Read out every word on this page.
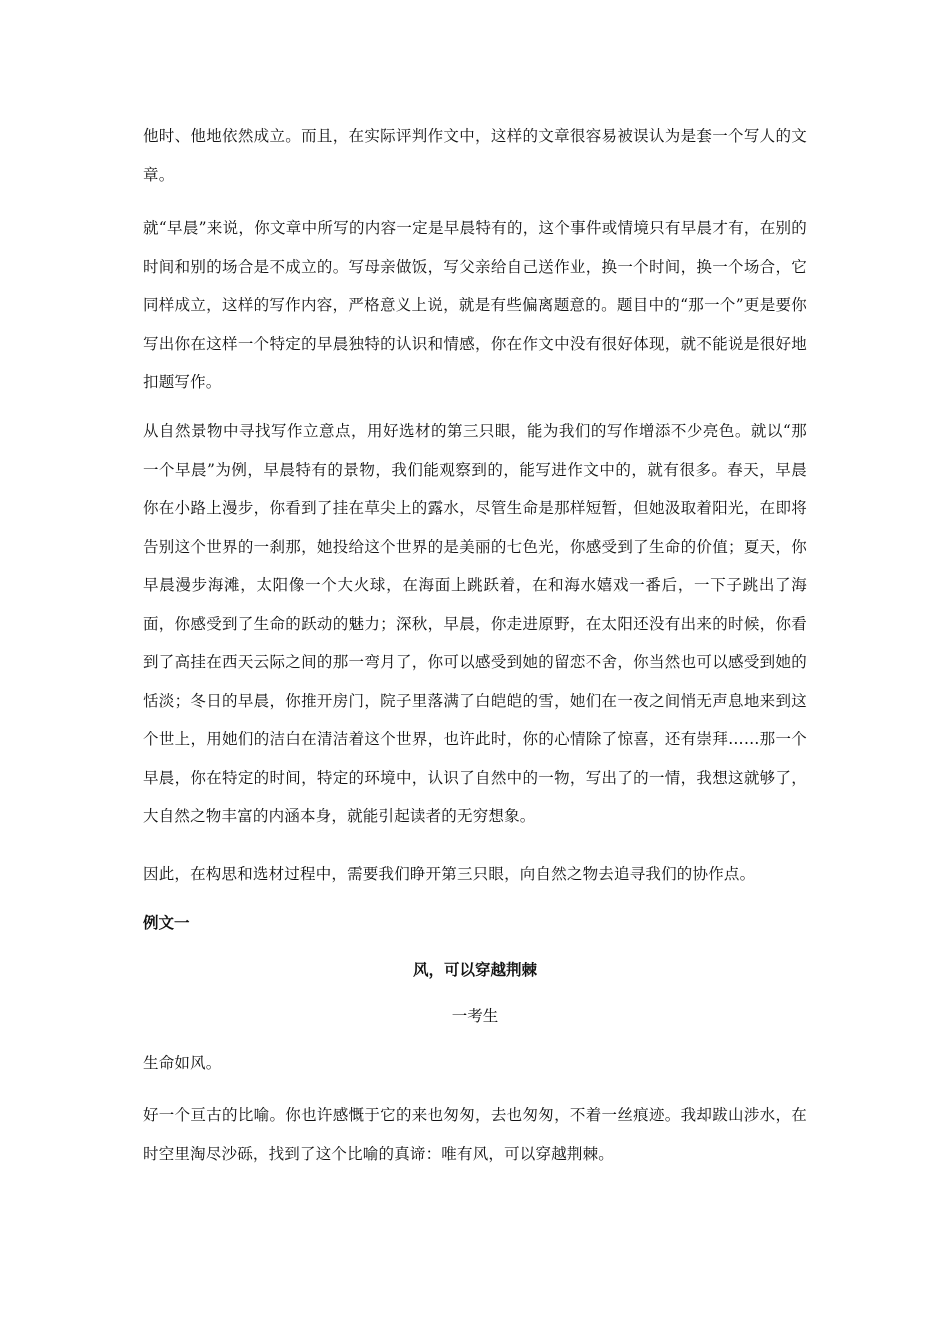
他时、他地依然成立。而且，在实际评判作文中，这样的文章很容易被误认为是套一个写人的文章。

就“早晨”来说，你文章中所写的内容一定是早晨特有的，这个事件或情境只有早晨才有，在别的时间和别的场合是不成立的。写母亲做饭，写父亲给自己送作业，换一个时间，换一个场合，它同样成立，这样的写作内容，严格意义上说，就是有些偏离题意的。题目中的“那一个”更是要你写出你在这样一个特定的早晨独特的认识和情感，你在作文中没有很好体现，就不能说是很好地扣题写作。

从自然景物中寻找写作立意点，用好选材的第三只眼，能为我们的写作增添不少亮色。就以“那一个早晨”为例，早晨特有的景物，我们能观察到的，能写进作文中的，就有很多。春天，早晨你在小路上漫步，你看到了挂在草尖上的露水，尽管生命是那样短暂，但她汲取着阳光，在即将告别这个世界的一刹那，她投给这个世界的是美丽的七色光，你感受到了生命的价值；夏天，你早晨漫步海滩，太阳像一个大火球，在海面上跳跃着，在和海水嬉戏一番后，一下子跳出了海面，你感受到了生命的跃动的魅力；深秋，早晨，你走进原野，在太阳还没有出来的时候，你看到了高挂在西天云际之间的那一弯月了，你可以感受到她的留恋不舍，你当然也可以感受到她的恬淡；冬日的早晨，你推开房门，院子里落满了白皑皑的雪，她们在一夜之间悄无声息地来到这个世上，用她们的洁白在清洁着这个世界，也许此时，你的心情除了惊喜，还有崇拜……那一个早晨，你在特定的时间，特定的环境中，认识了自然中的一物，写出了的一情，我想这就够了，大自然之物丰富的内涵本身，就能引起读者的无穷想象。

因此，在构思和选材过程中，需要我们睁开第三只眼，向自然之物去追寻我们的协作点。

例文一

风，可以穿越荆棘

一考生

生命如风。

好一个亘古的比喻。你也许感慨于它的来也匆匆，去也匆匆，不着一丝痕迹。我却跋山涉水，在时空里淘尽沙砾，找到了这个比喻的真谛：唯有风，可以穿越荆棘。
